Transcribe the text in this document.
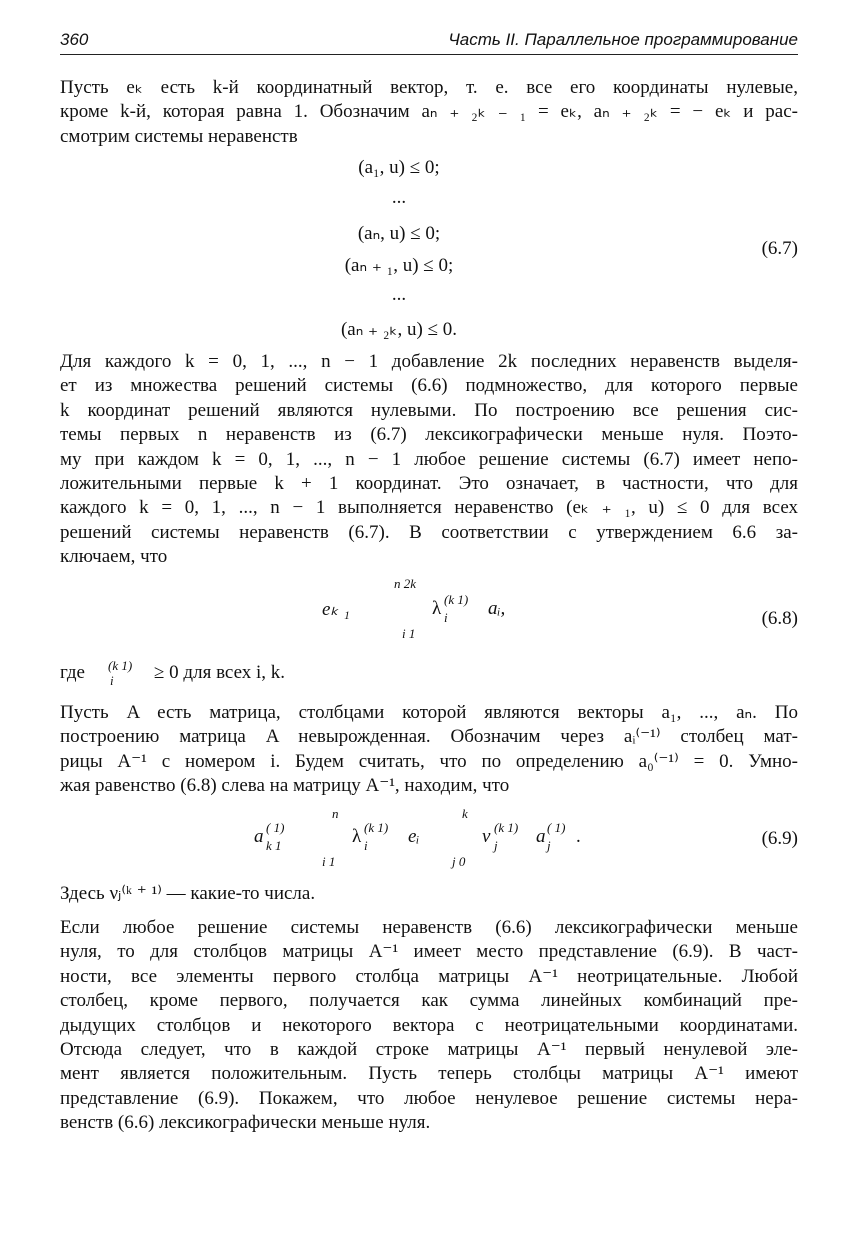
360	Часть II. Параллельное программирование
Пусть eₖ есть k-й координатный вектор, т. е. все его координаты нулевые,
кроме k-й, которая равна 1. Обозначим aₙ ₊ ₂ₖ ₋ ₁ = eₖ, aₙ ₊ ₂ₖ = − eₖ и рас-
смотрим системы неравенств
(a₁, u) ≤ 0;
...
(aₙ, u) ≤ 0;
(aₙ ₊ ₁, u) ≤ 0;
...
(aₙ ₊ ₂ₖ, u) ≤ 0.
(6.7)
Для каждого k = 0, 1, ..., n − 1 добавление 2k последних неравенств выделя-
ет из множества решений системы (6.6) подмножество, для которого первые
k координат решений являются нулевыми. По построению все решения сис-
темы первых n неравенств из (6.7) лексикографически меньше нуля. Поэто-
му при каждом k = 0, 1, ..., n − 1 любое решение системы (6.7) имеет непо-
ложительными первые k + 1 координат. Это означает, в частности, что для
каждого k = 0, 1, ..., n − 1 выполняется неравенство (eₖ ₊ ₁, u) ≤ 0 для всех
решений системы неравенств (6.7). В соответствии с утверждением 6.6 за-
ключаем, что
eₖ ₁
n 2k
i 1
λ (k 1)
i aᵢ,	(6.8)
где (k 1)
i ≥ 0 для всех i, k.
Пусть A есть матрица, столбцами которой являются векторы a₁, ..., aₙ. По
построению матрица A невырожденная. Обозначим через aᵢ⁽⁻¹⁾ столбец мат-
рицы A⁻¹ с номером i. Будем считать, что по определению a₀⁽⁻¹⁾ = 0. Умно-
жая равенство (6.8) слева на матрицу A⁻¹, находим, что
a ( 1)
k 1
n
i 1
λ (k 1)
i eᵢ
k
j 0
ν (k 1)
j a ( 1)
j .	(6.9)
Здесь νⱼ⁽ᵏ ⁺ ¹⁾ — какие-то числа.
Если любое решение системы неравенств (6.6) лексикографически меньше
нуля, то для столбцов матрицы A⁻¹ имеет место представление (6.9). В част-
ности, все элементы первого столбца матрицы A⁻¹ неотрицательные. Любой
столбец, кроме первого, получается как сумма линейных комбинаций пре-
дыдущих столбцов и некоторого вектора с неотрицательными координатами.
Отсюда следует, что в каждой строке матрицы A⁻¹ первый ненулевой эле-
мент является положительным. Пусть теперь столбцы матрицы A⁻¹ имеют
представление (6.9). Покажем, что любое ненулевое решение системы нера-
венств (6.6) лексикографически меньше нуля.
